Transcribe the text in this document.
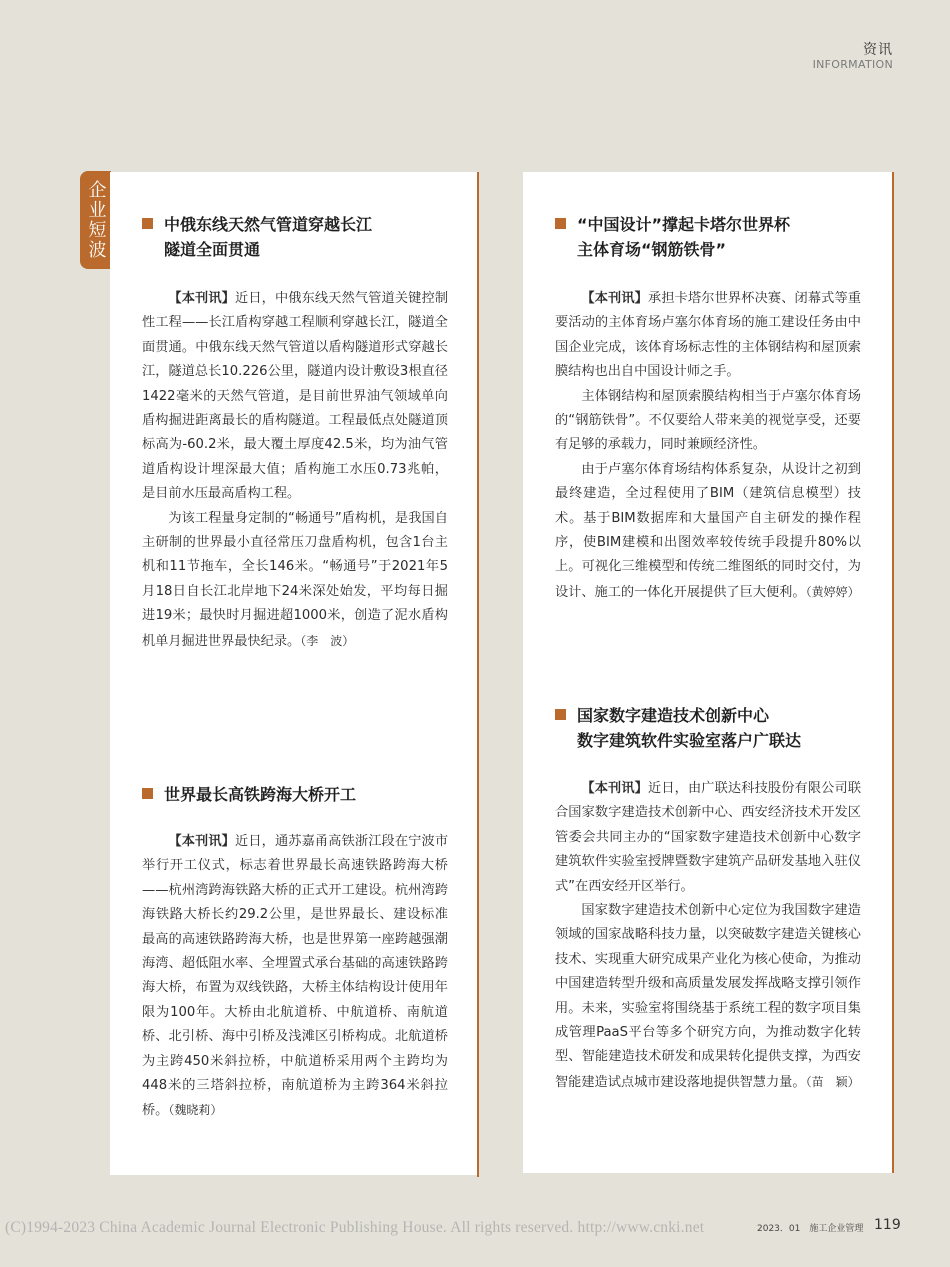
资讯
INFORMATION
企业短波	中俄东线天然气管道穿越长江
隧道全面贯通

【本刊讯】近日，中俄东线天然气管道关键控制性工程——长江盾构穿越工程顺利穿越长江，隧道全面贯通。中俄东线天然气管道以盾构隧道形式穿越长江，隧道总长10.226公里，隧道内设计敷设3根直径1422毫米的天然气管道，是目前世界油气领域单向盾构掘进距离最长的盾构隧道。工程最低点处隧道顶标高为-60.2米，最大覆土厚度42.5米，均为油气管道盾构设计埋深最大值；盾构施工水压0.73兆帕，是目前水压最高盾构工程。

为该工程量身定制的“畅通号”盾构机，是我国自主研制的世界最小直径常压刀盘盾构机，包含1台主机和11节拖车，全长146米。“畅通号”于2021年5月18日自长江北岸地下24米深处始发，平均每日掘进19米；最快时月掘进超1000米，创造了泥水盾构机单月掘进世界最快纪录。（李　波）

世界最长高铁跨海大桥开工

【本刊讯】近日，通苏嘉甬高铁浙江段在宁波市举行开工仪式，标志着世界最长高速铁路跨海大桥——杭州湾跨海铁路大桥的正式开工建设。杭州湾跨海铁路大桥长约29.2公里，是世界最长、建设标准最高的高速铁路跨海大桥，也是世界第一座跨越强潮海湾、超低阻水率、全埋置式承台基础的高速铁路跨海大桥，布置为双线铁路，大桥主体结构设计使用年限为100年。大桥由北航道桥、中航道桥、南航道桥、北引桥、海中引桥及浅滩区引桥构成。北航道桥为主跨450米斜拉桥，中航道桥采用两个主跨均为448米的三塔斜拉桥，南航道桥为主跨364米斜拉桥。（魏晓莉）

“中国设计”撑起卡塔尔世界杯
主体育场“钢筋铁骨”

【本刊讯】承担卡塔尔世界杯决赛、闭幕式等重要活动的主体育场卢塞尔体育场的施工建设任务由中国企业完成，该体育场标志性的主体钢结构和屋顶索膜结构也出自中国设计师之手。

主体钢结构和屋顶索膜结构相当于卢塞尔体育场的“钢筋铁骨”。不仅要给人带来美的视觉享受，还要有足够的承载力，同时兼顾经济性。

由于卢塞尔体育场结构体系复杂，从设计之初到最终建造，全过程使用了BIM（建筑信息模型）技术。基于BIM数据库和大量国产自主研发的操作程序，使BIM建模和出图效率较传统手段提升80%以上。可视化三维模型和传统二维图纸的同时交付，为设计、施工的一体化开展提供了巨大便利。（黄婷婷）

国家数字建造技术创新中心
数字建筑软件实验室落户广联达

【本刊讯】近日，由广联达科技股份有限公司联合国家数字建造技术创新中心、西安经济技术开发区管委会共同主办的“国家数字建造技术创新中心数字建筑软件实验室授牌暨数字建筑产品研发基地入驻仪式”在西安经开区举行。

国家数字建造技术创新中心定位为我国数字建造领域的国家战略科技力量，以突破数字建造关键核心技术、实现重大研究成果产业化为核心使命，为推动中国建造转型升级和高质量发展发挥战略支撑引领作用。未来，实验室将围绕基于系统工程的数字项目集成管理PaaS平台等多个研究方向，为推动数字化转型、智能建造技术研发和成果转化提供支撑，为西安智能建造试点城市建设落地提供智慧力量。（苗　颖）

(C)1994-2023 China Academic Journal Electronic Publishing House. All rights reserved. http://www.cnki.net	2023．01　施工企业管理 119
